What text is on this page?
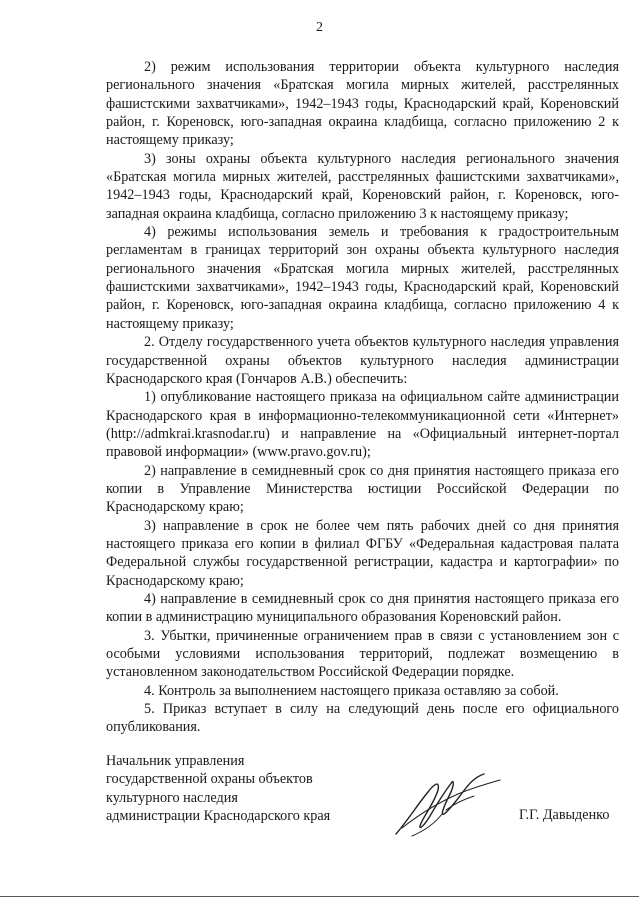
2

2) режим использования территории объекта культурного наследия регионального значения «Братская могила мирных жителей, расстрелянных фашистскими захватчиками», 1942–1943 годы, Краснодарский край, Кореновский район, г. Кореновск, юго-западная окраина кладбища, согласно приложению 2 к настоящему приказу;

3) зоны охраны объекта культурного наследия регионального значения «Братская могила мирных жителей, расстрелянных фашистскими захватчиками», 1942–1943 годы, Краснодарский край, Кореновский район, г. Кореновск, юго-западная окраина кладбища, согласно приложению 3 к настоящему приказу;

4) режимы использования земель и требования к градостроительным регламентам в границах территорий зон охраны объекта культурного наследия регионального значения «Братская могила мирных жителей, расстрелянных фашистскими захватчиками», 1942–1943 годы, Краснодарский край, Кореновский район, г. Кореновск, юго-западная окраина кладбища, согласно приложению 4 к настоящему приказу;

2. Отделу государственного учета объектов культурного наследия управления государственной охраны объектов культурного наследия администрации Краснодарского края (Гончаров А.В.) обеспечить:

1) опубликование настоящего приказа на официальном сайте администрации Краснодарского края в информационно-телекоммуникационной сети «Интернет» (http://admkrai.krasnodar.ru) и направление на «Официальный интернет-портал правовой информации» (www.pravo.gov.ru);

2) направление в семидневный срок со дня принятия настоящего приказа его копии в Управление Министерства юстиции Российской Федерации по Краснодарскому краю;

3) направление в срок не более чем пять рабочих дней со дня принятия настоящего приказа его копии в филиал ФГБУ «Федеральная кадастровая палата Федеральной службы государственной регистрации, кадастра и картографии» по Краснодарскому краю;

4) направление в семидневный срок со дня принятия настоящего приказа его копии в администрацию муниципального образования Кореновский район.

3. Убытки, причиненные ограничением прав в связи с установлением зон с особыми условиями использования территорий, подлежат возмещению в установленном законодательством Российской Федерации порядке.

4. Контроль за выполнением настоящего приказа оставляю за собой.

5. Приказ вступает в силу на следующий день после его официального опубликования.

Начальник управления
государственной охраны объектов
культурного наследия
администрации Краснодарского края	Г.Г. Давыденко
